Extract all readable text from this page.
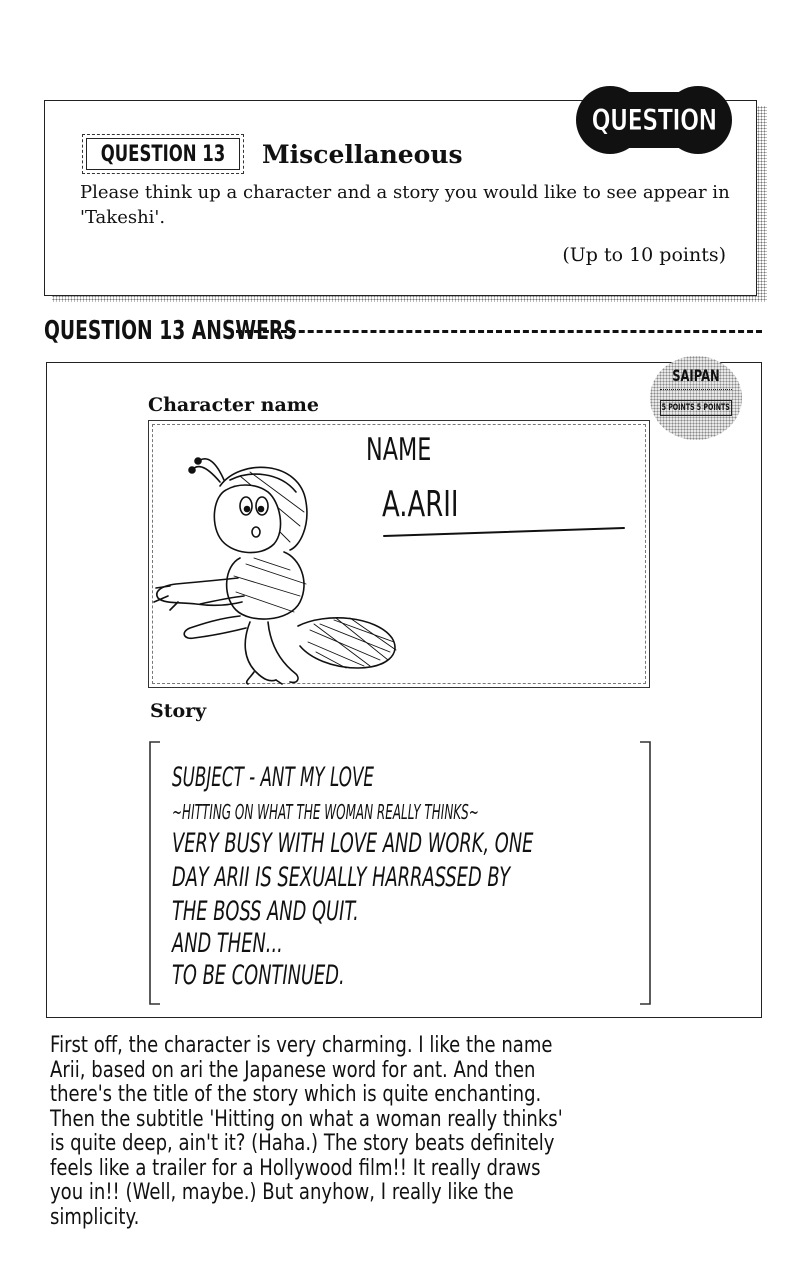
QUESTION
QUESTION 13 Miscellaneous
Please think up a character and a story you would like to see appear in 'Takeshi'.
(Up to 10 points)
QUESTION 13 ANSWERS
SAIPAN
5 POINTS 5 POINTS
Character name
NAME
A.ARII
Story
SUBJECT - ANT MY LOVE
~HITTING ON WHAT THE WOMAN REALLY THINKS~
VERY BUSY WITH LOVE AND WORK, ONE
DAY ARII IS SEXUALLY HARRASSED BY
THE BOSS AND QUIT.
AND THEN...
TO BE CONTINUED.
First off, the character is very charming. I like the name
Arii, based on ari the Japanese word for ant. And then
there's the title of the story which is quite enchanting.
Then the subtitle 'Hitting on what a woman really thinks'
is quite deep, ain't it? (Haha.) The story beats definitely
feels like a trailer for a Hollywood film!! It really draws
you in!! (Well, maybe.) But anyhow, I really like the
simplicity.
